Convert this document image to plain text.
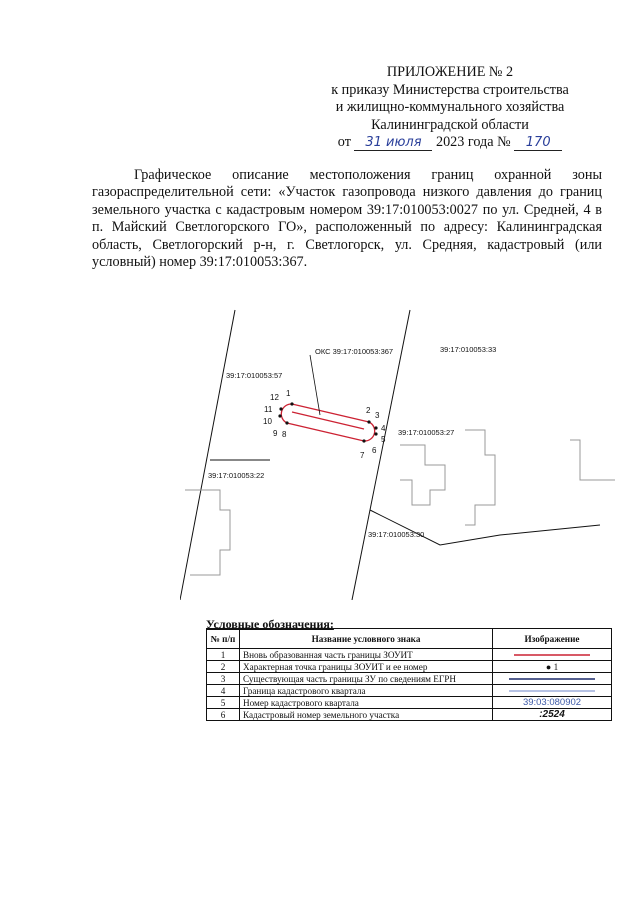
ПРИЛОЖЕНИЕ № 2
к приказу Министерства строительства
и жилищно-коммунального хозяйства
Калининградской области
от 31 июля 2023 года № 170
Графическое описание местоположения границ охранной зоны газораспределительной сети: «Участок газопровода низкого давления до границ земельного участка с кадастровым номером 39:17:010053:0027 по ул. Средней, 4 в п. Майский Светлогорского ГО», расположенный по адресу: Калининградская область, Светлогорский р-н, г. Светлогорск, ул. Средняя, кадастровый (или условный) номер 39:17:010053:367.
ОКС 39:17:010053:367	39:17:010053:33
39:17:010053:57
39:17:010053:27
39:17:010053:22
39:17:010053:30
1
2
3
4
5
6
7
8
9
10
11
12
Условные обозначения:
№ п/п	Название условного знака	Изображение
1	Вновь образованная часть границы ЗОУИТ	
2	Характерная точка границы ЗОУИТ и ее номер	● 1
3	Существующая часть границы ЗУ по сведениям ЕГРН	
4	Граница кадастрового квартала	
5	Номер кадастрового квартала	39:03:080902
6	Кадастровый номер земельного участка	:2524
